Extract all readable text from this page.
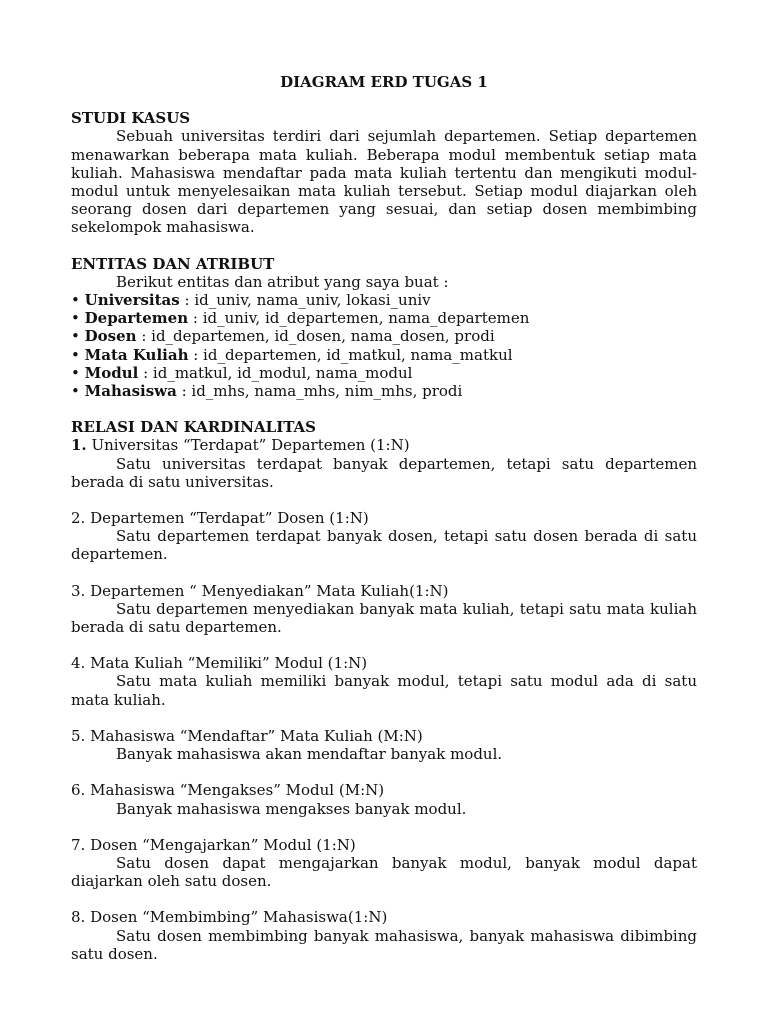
DIAGRAM ERD TUGAS 1
STUDI KASUS

Sebuah universitas terdiri dari sejumlah departemen. Setiap departemen menawarkan beberapa mata kuliah. Beberapa modul membentuk setiap mata kuliah. Mahasiswa mendaftar pada mata kuliah tertentu dan mengikuti modul-modul untuk menyelesaikan mata kuliah tersebut. Setiap modul diajarkan oleh seorang dosen dari departemen yang sesuai, dan setiap dosen membimbing sekelompok mahasiswa.

ENTITAS DAN ATRIBUT
Berikut entitas dan atribut yang saya buat :
• Universitas : id_univ, nama_univ, lokasi_univ
• Departemen : id_univ, id_departemen, nama_departemen
• Dosen : id_departemen, id_dosen, nama_dosen, prodi
• Mata Kuliah : id_departemen, id_matkul, nama_matkul
• Modul : id_matkul, id_modul, nama_modul
• Mahasiswa : id_mhs, nama_mhs, nim_mhs, prodi
RELASI DAN KARDINALITAS
1. Universitas “Terdapat” Departemen (1:N)

Satu universitas terdapat banyak departemen, tetapi satu departemen berada di satu universitas.

2. Departemen “Terdapat” Dosen (1:N)

Satu departemen terdapat banyak dosen, tetapi satu dosen berada di satu departemen.

3. Departemen “ Menyediakan” Mata Kuliah(1:N)

Satu departemen menyediakan banyak mata kuliah, tetapi satu mata kuliah berada di satu departemen.

4. Mata Kuliah “Memiliki” Modul (1:N)

Satu mata kuliah memiliki banyak modul, tetapi satu modul ada di satu mata kuliah.

5. Mahasiswa “Mendaftar” Mata Kuliah (M:N)

Banyak mahasiswa akan mendaftar banyak modul.

6. Mahasiswa “Mengakses” Modul (M:N)

Banyak mahasiswa mengakses banyak modul.

7. Dosen “Mengajarkan” Modul (1:N)

Satu dosen dapat mengajarkan banyak modul, banyak modul dapat diajarkan oleh satu dosen.

8. Dosen “Membimbing” Mahasiswa(1:N)

Satu dosen membimbing banyak mahasiswa, banyak mahasiswa dibimbing satu dosen.
